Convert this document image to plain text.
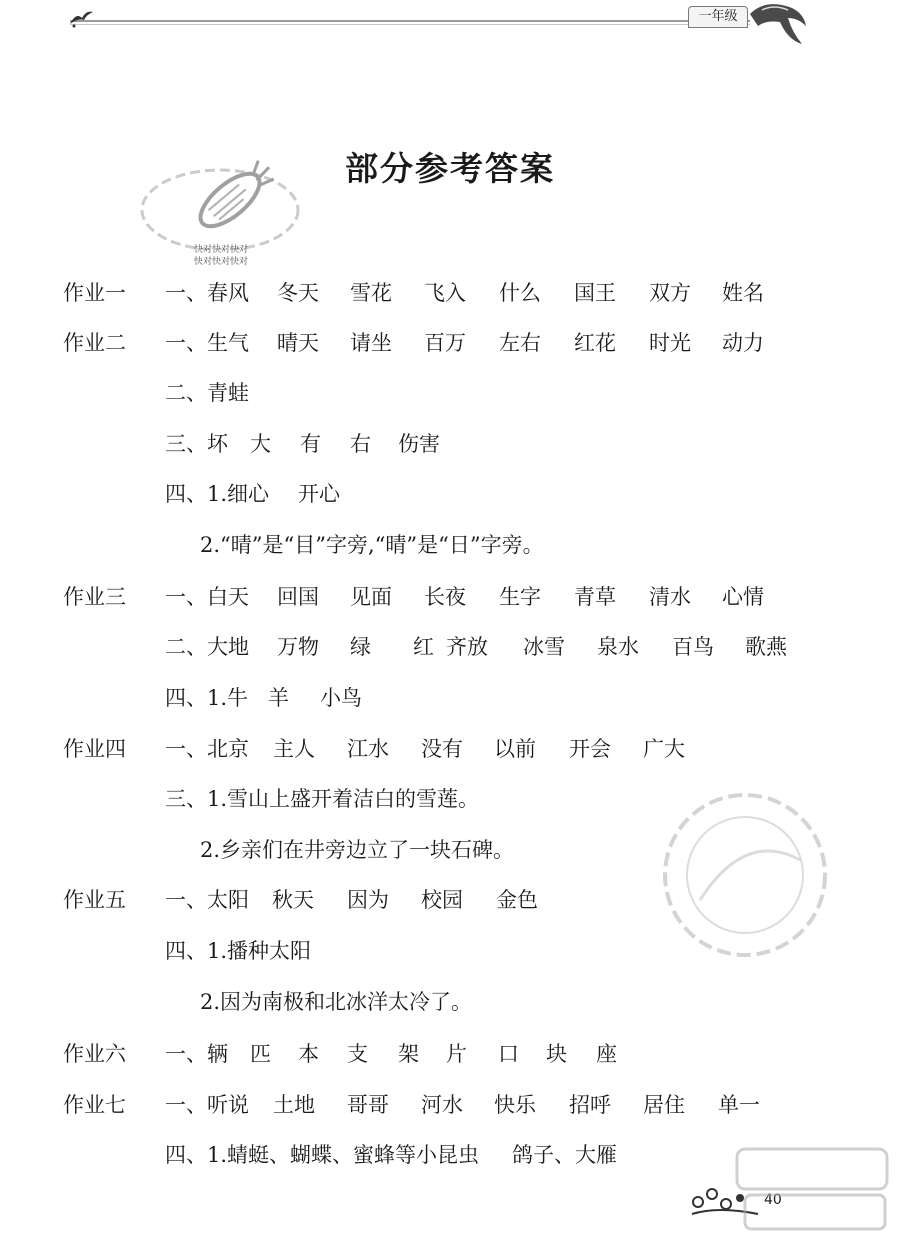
一年级
部分参考答案
快对快对快对
快对快对快对
作业一 一、春风 冬天 雪花 飞入 什么 国王 双方 姓名
作业二 一、生气 晴天 请坐 百万 左右 红花 时光 动力
二、青蛙
三、坏 大 有 右 伤害
四、1.细心 开心
2.“晴”是“目”字旁,“晴”是“日”字旁。
作业三 一、白天 回国 见面 长夜 生字 青草 清水 心情
二、大地 万物 绿 红 齐放 冰雪 泉水 百鸟 歌燕
四、1.牛 羊 小鸟
作业四 一、北京 主人 江水 没有 以前 开会 广大
三、1.雪山上盛开着洁白的雪莲。
2.乡亲们在井旁边立了一块石碑。
作业五 一、太阳 秋天 因为 校园 金色
四、1.播种太阳
2.因为南极和北冰洋太冷了。
作业六 一、辆 匹 本 支 架 片 口 块 座
作业七 一、听说 土地 哥哥 河水 快乐 招呼 居住 单一
四、1.蜻蜓、蝴蝶、蜜蜂等小昆虫 鸽子、大雁
40
